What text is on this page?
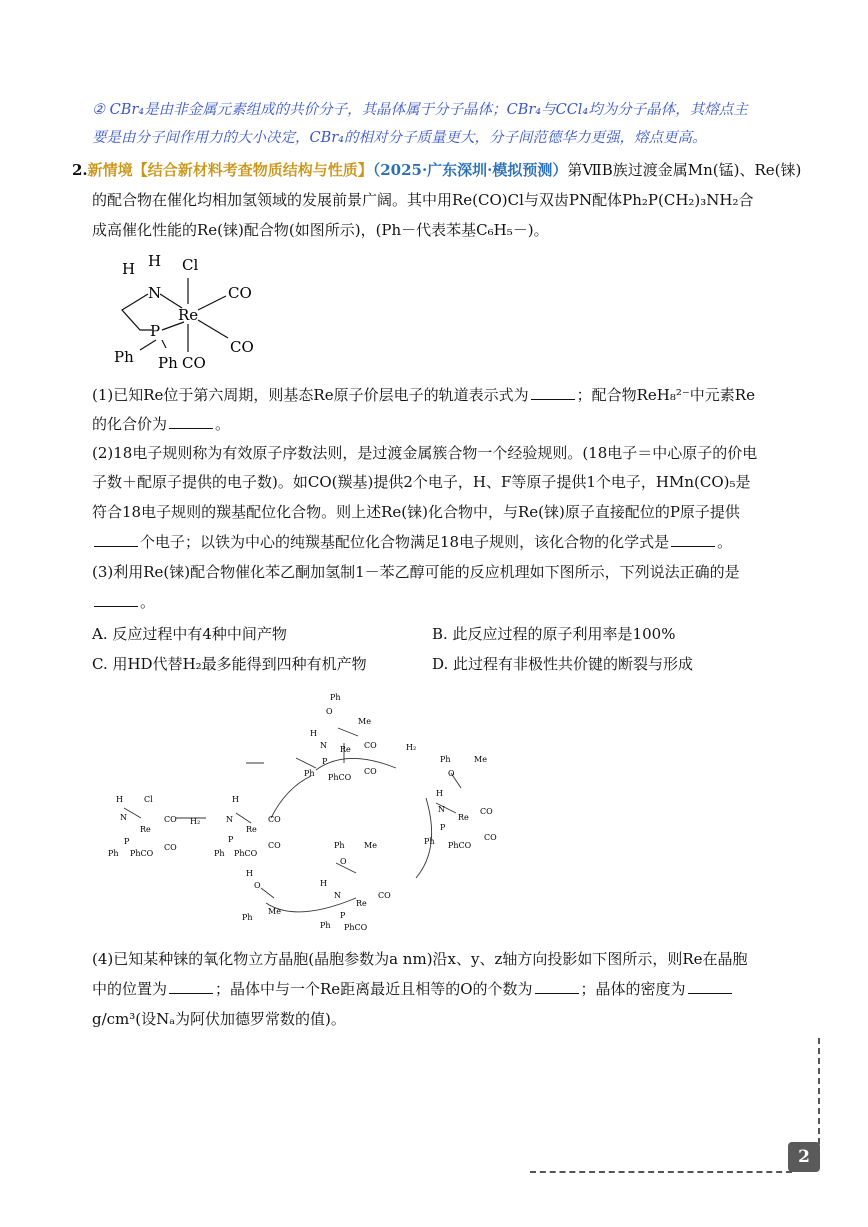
② CBr₄是由非金属元素组成的共价分子，其晶体属于分子晶体；CBr₄与CCl₄均为分子晶体，其熔点主
要是由分子间作用力的大小决定，CBr₄的相对分子质量更大，分子间范德华力更强，熔点更高。
2.新情境【结合新材料考查物质结构与性质】（2025·广东深圳·模拟预测）第ⅦB族过渡金属Mn(锰)、Re(铼)
的配合物在催化均相加氢领域的发展前景广阔。其中用Re(CO)Cl与双齿PN配体Ph₂P(CH₂)₃NH₂合
成高催化性能的Re(铼)配合物(如图所示)，(Ph－代表苯基C₆H₅－)。
H H Cl
N	CO
Re
P
CO
Ph Ph CO
(1)已知Re位于第六周期，则基态Re原子价层电子的轨道表示式为	；配合物ReH₈²⁻中元素Re
的化合价为	。
(2)18电子规则称为有效原子序数法则，是过渡金属簇合物一个经验规则。(18电子＝中心原子的价电
子数＋配原子提供的电子数)。如CO(羰基)提供2个电子，H、F等原子提供1个电子，HMn(CO)₅是
符合18电子规则的羰基配位化合物。则上述Re(铼)化合物中，与Re(铼)原子直接配位的P原子提供
个电子；以铁为中心的纯羰基配位化合物满足18电子规则，该化合物的化学式是	。
(3)利用Re(铼)配合物催化苯乙酮加氢制1－苯乙醇可能的反应机理如下图所示，下列说法正确的是
。
A. 反应过程中有4种中间产物	B. 此反应过程的原子利用率是100%
C. 用HD代替H₂最多能得到四种有机产物	D. 此过程有非极性共价键的断裂与形成
Ph
O
Me
H
N Re CO
CO
P
Ph PhCO
H₂
Ph	Me
O
H
N
Re
CO
CO
P
Ph PhCO
H	Cl
N
Re
CO
CO
P
Ph PhCO
H₂
H
N
Re
CO
CO
P
Ph PhCO
Ph Me
O
H
N
Re
CO
P
Ph PhCO
O
H
Ph
Me
(4)已知某种铼的氧化物立方晶胞(晶胞参数为a nm)沿x、y、z轴方向投影如下图所示，则Re在晶胞
中的位置为	；晶体中与一个Re距离最近且相等的O的个数为	；晶体的密度为
g/cm³(设Nₐ为阿伏加德罗常数的值)。
2
